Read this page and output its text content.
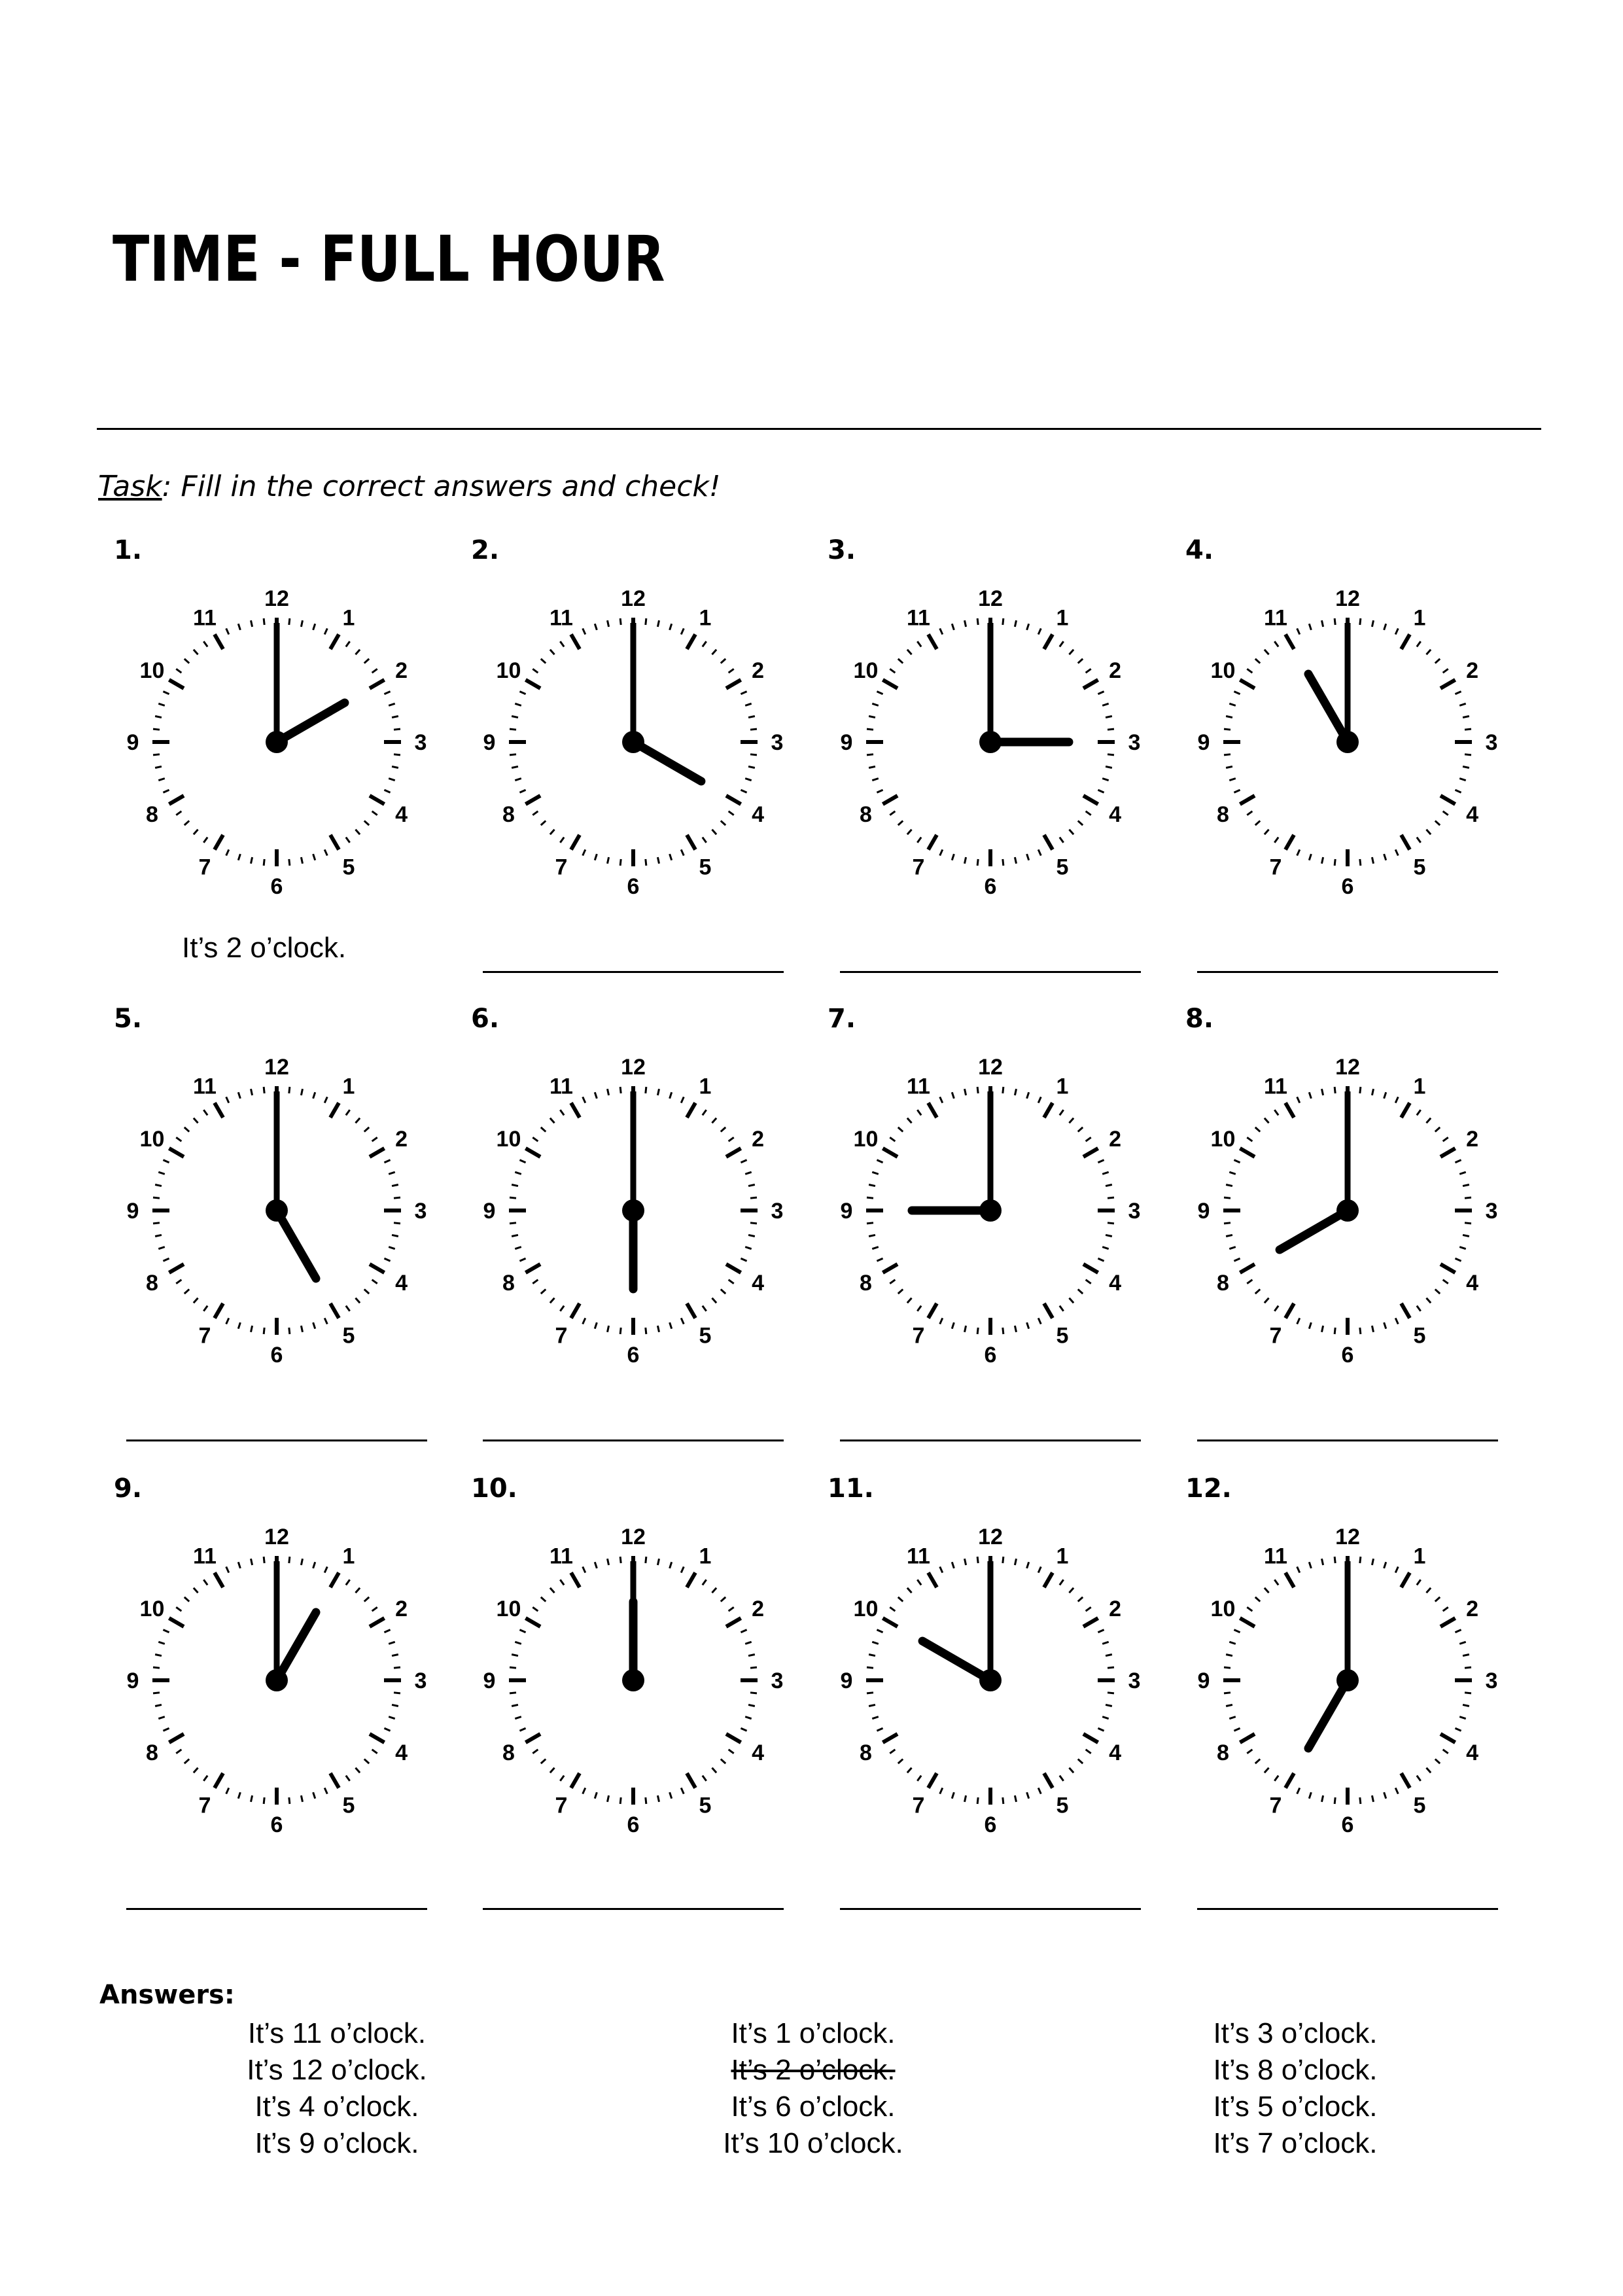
TIME - FULL HOUR
Task: Fill in the correct answers and check!
1.
12
1
2
3
4
5
6
7
8
9
10
11
It’s 2 o’clock.
2.
12
1
2
3
4
5
6
7
8
9
10
11
3.
12
1
2
3
4
5
6
7
8
9
10
11
4.
12
1
2
3
4
5
6
7
8
9
10
11
5.
12
1
2
3
4
5
6
7
8
9
10
11
6.
12
1
2
3
4
5
6
7
8
9
10
11
7.
12
1
2
3
4
5
6
7
8
9
10
11
8.
12
1
2
3
4
5
6
7
8
9
10
11
9.
12
1
2
3
4
5
6
7
8
9
10
11
10.
12
1
2
3
4
5
6
7
8
9
10
11
11.
12
1
2
3
4
5
6
7
8
9
10
11
12.
12
1
2
3
4
5
6
7
8
9
10
11
Answers:
It’s 11 o’clock.
It’s 12 o’clock.
It’s 4 o’clock.
It’s 9 o’clock.
It’s 1 o’clock.
It’s 2 o’clock.
It’s 6 o’clock.
It’s 10 o’clock.
It’s 3 o’clock.
It’s 8 o’clock.
It’s 5 o’clock.
It’s 7 o’clock.
